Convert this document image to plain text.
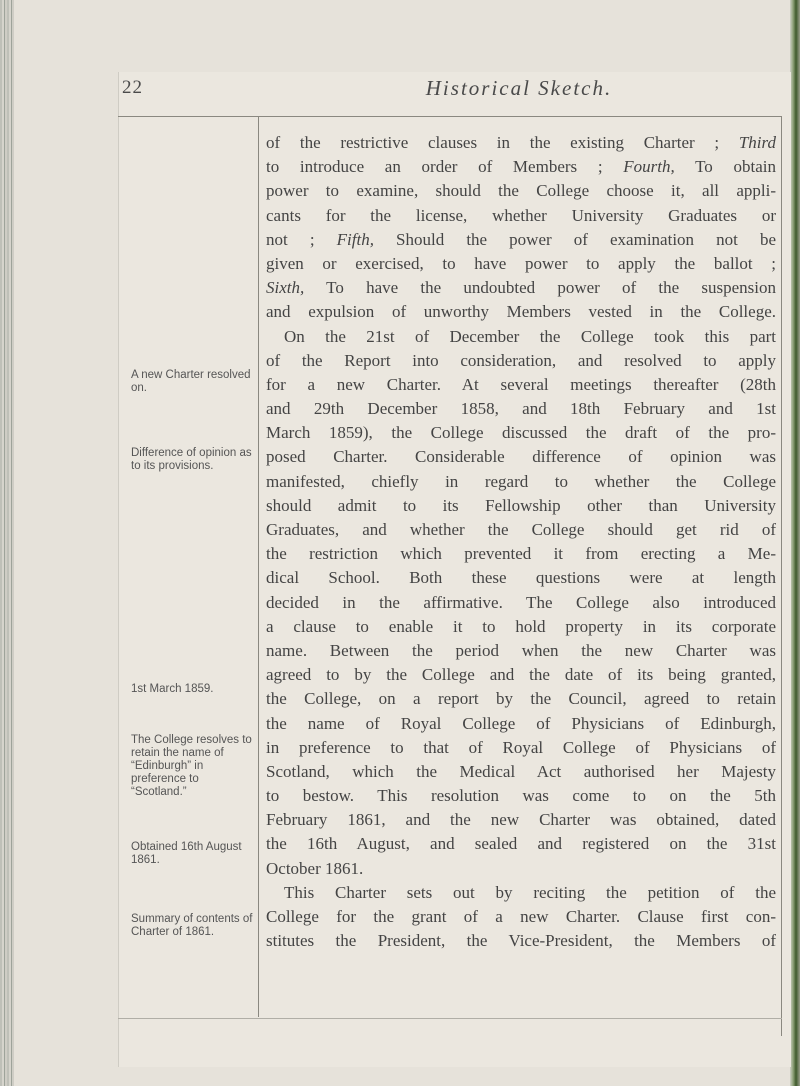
22	Historical Sketch.
A new Charter resolved on.
Difference of opinion as to its provisions.
1st March 1859.
The College resolves to retain the name of “Edinburgh” in preference to “Scotland.”
Obtained 16th August 1861.
Summary of contents of Charter of 1861.
of the restrictive clauses in the existing Charter ; Third
to introduce an order of Members ; Fourth, To obtain
power to examine, should the College choose it, all appli-
cants for the license, whether University Graduates or
not ; Fifth, Should the power of examination not be
given or exercised, to have power to apply the ballot ;
Sixth, To have the undoubted power of the suspension
and expulsion of unworthy Members vested in the College.
On the 21st of December the College took this part
of the Report into consideration, and resolved to apply
for a new Charter. At several meetings thereafter (28th
and 29th December 1858, and 18th February and 1st
March 1859), the College discussed the draft of the pro-
posed Charter. Considerable difference of opinion was
manifested, chiefly in regard to whether the College
should admit to its Fellowship other than University
Graduates, and whether the College should get rid of
the restriction which prevented it from erecting a Me-
dical School. Both these questions were at length
decided in the affirmative. The College also introduced
a clause to enable it to hold property in its corporate
name. Between the period when the new Charter was
agreed to by the College and the date of its being granted,
the College, on a report by the Council, agreed to retain
the name of Royal College of Physicians of Edinburgh,
in preference to that of Royal College of Physicians of
Scotland, which the Medical Act authorised her Majesty
to bestow. This resolution was come to on the 5th
February 1861, and the new Charter was obtained, dated
the 16th August, and sealed and registered on the 31st
October 1861.
This Charter sets out by reciting the petition of the
College for the grant of a new Charter. Clause first con-
stitutes the President, the Vice-President, the Members of
